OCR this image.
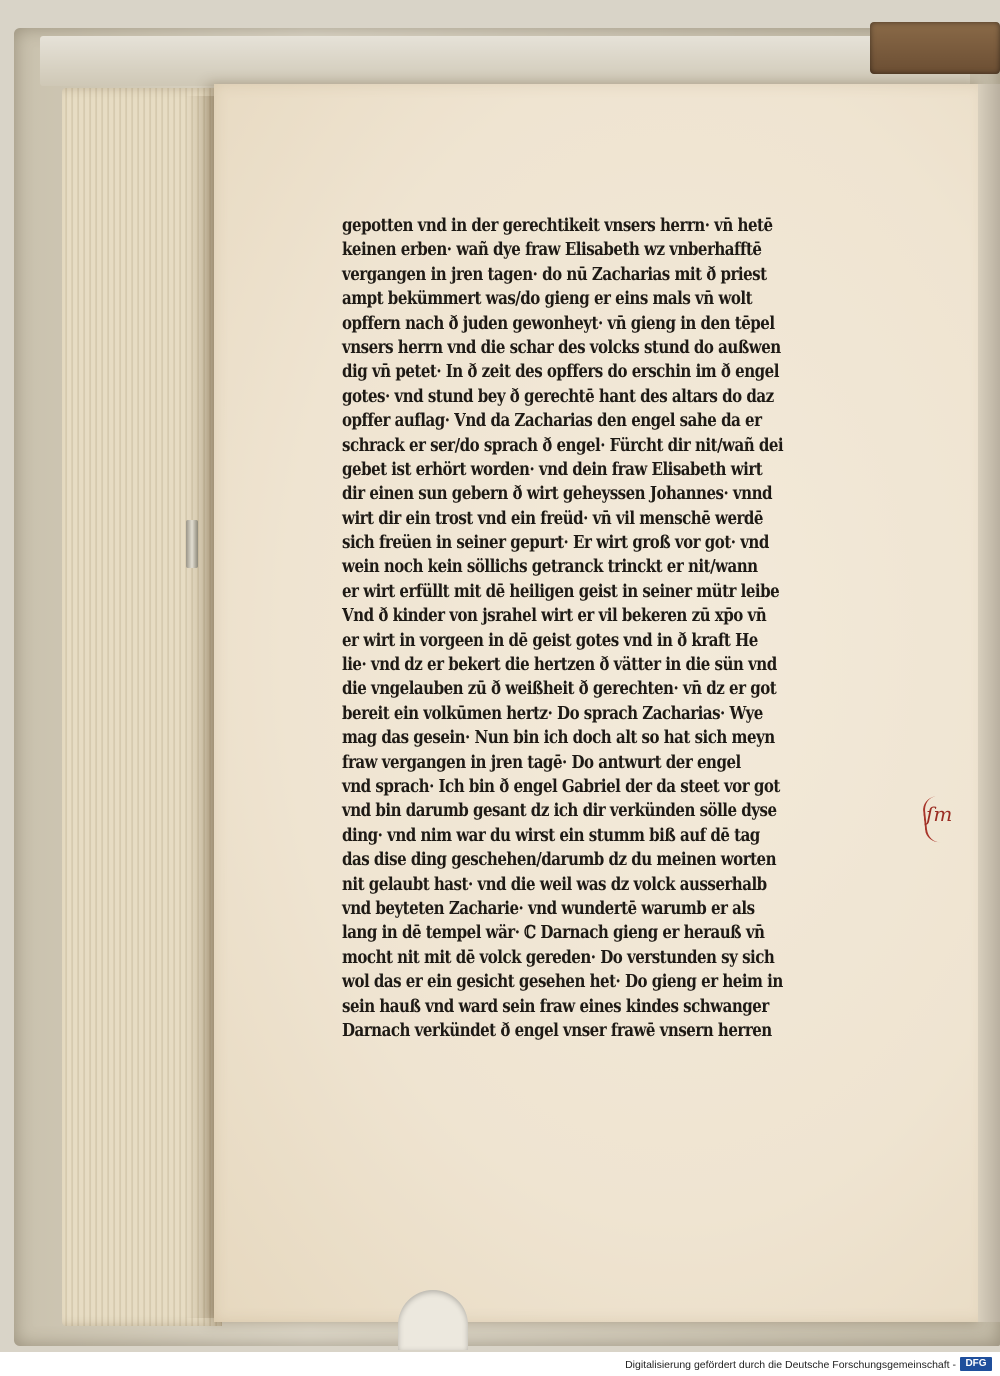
gepotten vnd in der gerechtikeit vnsers herrn· vn̄ hetē
keinen erben· wañ dye fraw Elisabeth wz vnberhafftē
vergangen in jren tagen· do nū Zacharias mit ð priest
ampt bekümmert was/do gieng er eins mals vn̄ wolt
opffern nach ð juden gewonheyt· vn̄ gieng in den tēpel
vnsers herrn vnd die schar des volcks stund do außwen
dig vn̄ petet· In ð zeit des opffers do erschin im ð engel
gotes· vnd stund bey ð gerechtē hant des altars do daz
opffer auflag· Vnd da Zacharias den engel sahe da er
schrack er ser/do sprach ð engel· Fürcht dir nit/wañ dei
gebet ist erhört worden· vnd dein fraw Elisabeth wirt
dir einen sun gebern ð wirt geheyssen Johannes· vnnd
wirt dir ein trost vnd ein freüd· vn̄ vil menschē werdē
sich freüen in seiner gepurt· Er wirt groß vor got· vnd
wein noch kein söllichs getranck trinckt er nit/wann
er wirt erfüllt mit dē heiligen geist in seiner mütr leibe
Vnd ð kinder von jsrahel wirt er vil bekeren zū xp̄o vn̄
er wirt in vorgeen in dē geist gotes vnd in ð kraft He
lie· vnd dz er bekert die hertzen ð vätter in die sün vnd
die vngelauben zū ð weißheit ð gerechten· vn̄ dz er got
bereit ein volkūmen hertz· Do sprach Zacharias· Wye
mag das gesein· Nun bin ich doch alt so hat sich meyn
fraw vergangen in jren tagē· Do antwurt der engel
vnd sprach· Ich bin ð engel Gabriel der da steet vor got
vnd bin darumb gesant dz ich dir verkünden sölle dyse
ding· vnd nim war du wirst ein stumm biß auf dē tag
das dise ding geschehen/darumb dz du meinen worten
nit gelaubt hast· vnd die weil was dz volck ausserhalb
vnd beyteten Zacharie· vnd wundertē warumb er als
lang in dē tempel wär· ℂ Darnach gieng er herauß vn̄
mocht nit mit dē volck gereden· Do verstunden sy sich
wol das er ein gesicht gesehen het· Do gieng er heim in
sein hauß vnd ward sein fraw eines kindes schwanger
Darnach verkündet ð engel vnser frawē vnsern herren
ſm
Digitalisierung gefördert durch die Deutsche Forschungsgemeinschaft - DFG
